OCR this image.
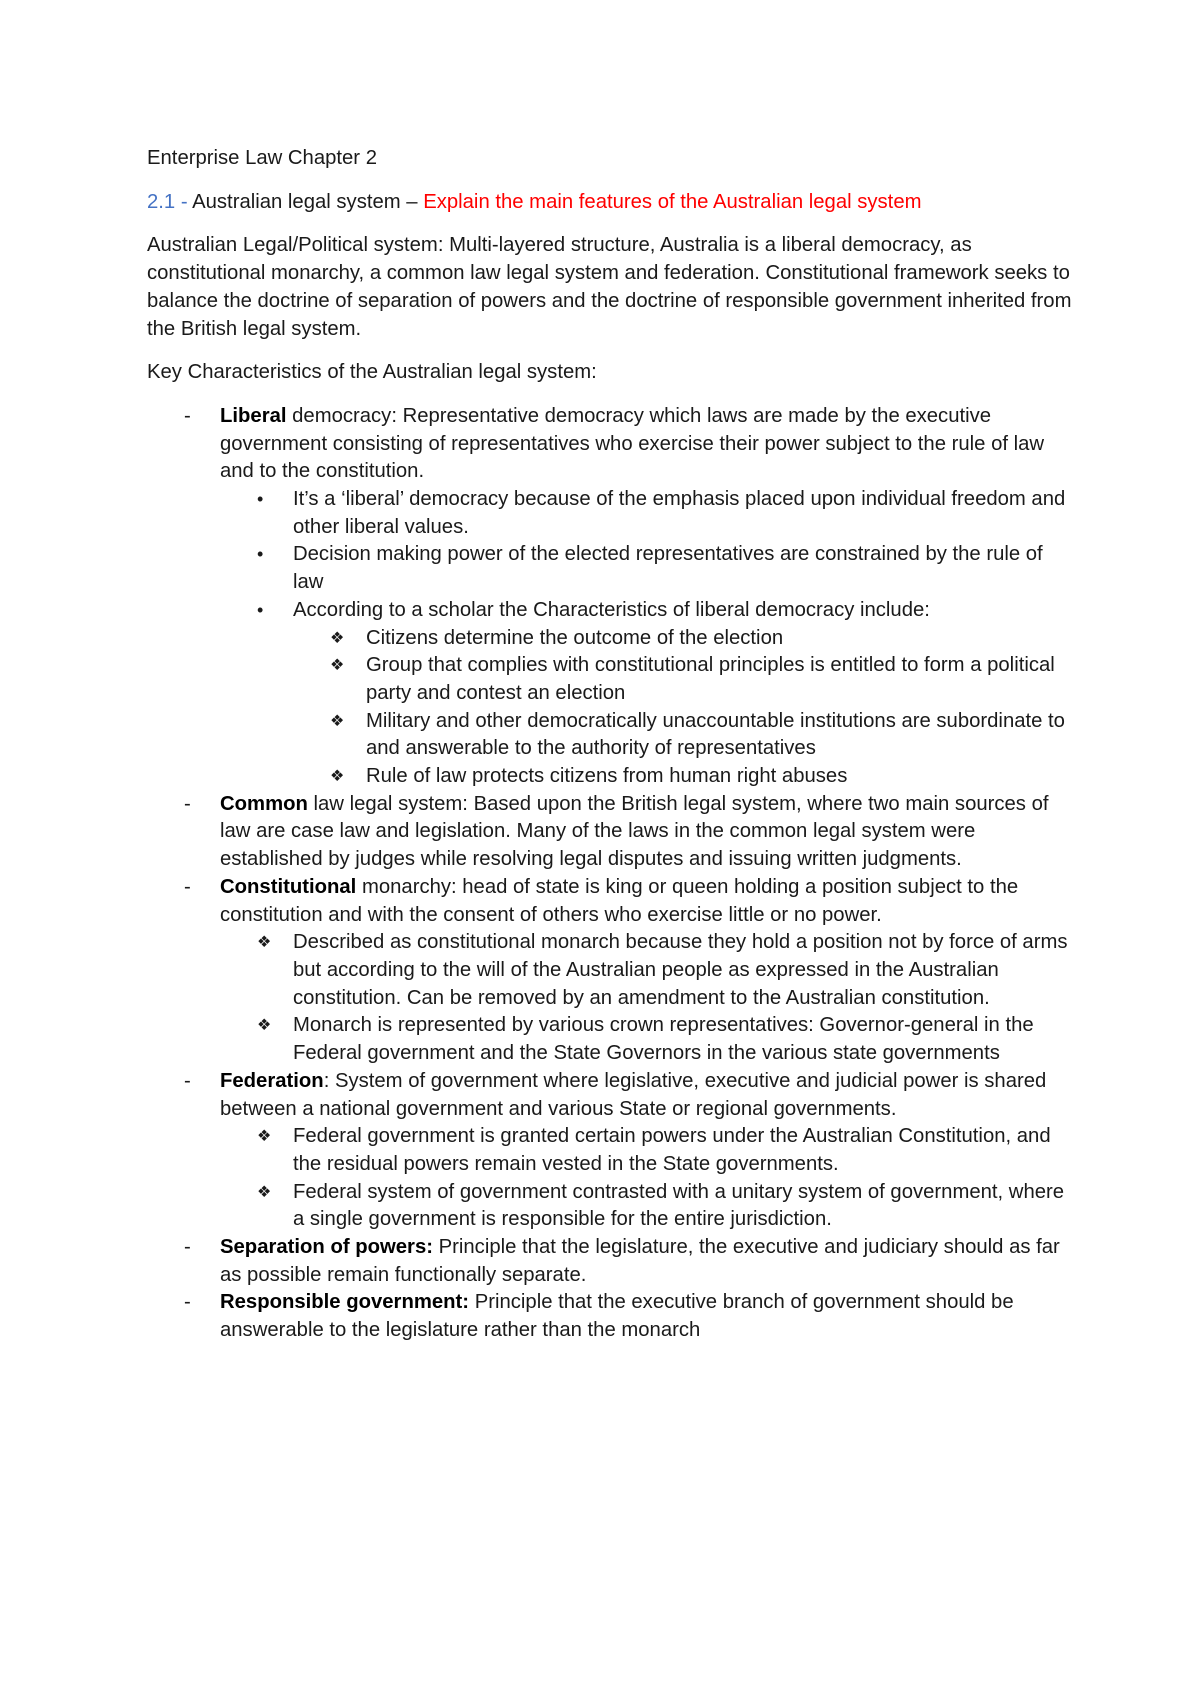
Enterprise Law Chapter 2

2.1 - Australian legal system – Explain the main features of the Australian legal system

Australian Legal/Political system: Multi-layered structure, Australia is a liberal democracy, as constitutional monarchy, a common law legal system and federation. Constitutional framework seeks to balance the doctrine of separation of powers and the doctrine of responsible government inherited from the British legal system.

Key Characteristics of the Australian legal system:

- Liberal democracy: Representative democracy which laws are made by the executive government consisting of representatives who exercise their power subject to the rule of law and to the constitution.
• It’s a ‘liberal’ democracy because of the emphasis placed upon individual freedom and other liberal values.
• Decision making power of the elected representatives are constrained by the rule of law
• According to a scholar the Characteristics of liberal democracy include:
❖ Citizens determine the outcome of the election
❖ Group that complies with constitutional principles is entitled to form a political party and contest an election
❖ Military and other democratically unaccountable institutions are subordinate to and answerable to the authority of representatives
❖ Rule of law protects citizens from human right abuses
- Common law legal system: Based upon the British legal system, where two main sources of law are case law and legislation. Many of the laws in the common legal system were established by judges while resolving legal disputes and issuing written judgments.
- Constitutional monarchy: head of state is king or queen holding a position subject to the constitution and with the consent of others who exercise little or no power.
❖ Described as constitutional monarch because they hold a position not by force of arms but according to the will of the Australian people as expressed in the Australian constitution. Can be removed by an amendment to the Australian constitution.
❖ Monarch is represented by various crown representatives: Governor-general in the Federal government and the State Governors in the various state governments
- Federation: System of government where legislative, executive and judicial power is shared between a national government and various State or regional governments.
❖ Federal government is granted certain powers under the Australian Constitution, and the residual powers remain vested in the State governments.
❖ Federal system of government contrasted with a unitary system of government, where a single government is responsible for the entire jurisdiction.
- Separation of powers: Principle that the legislature, the executive and judiciary should as far as possible remain functionally separate.
- Responsible government: Principle that the executive branch of government should be answerable to the legislature rather than the monarch
